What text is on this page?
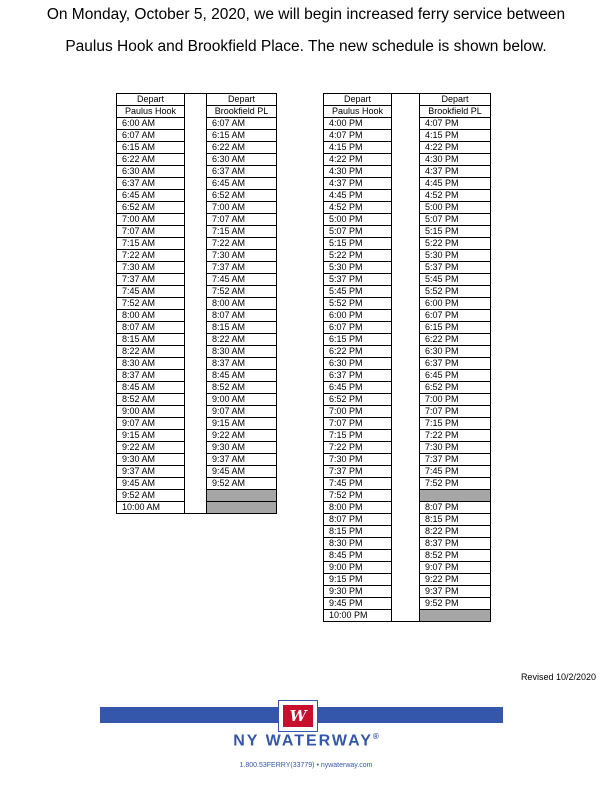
On Monday, October 5, 2020, we will begin increased ferry service between
Paulus Hook and Brookfield Place. The new schedule is shown below.
Depart		Depart
Paulus Hook		Brookfield PL
6:00 AM		6:07 AM
6:07 AM		6:15 AM
6:15 AM		6:22 AM
6:22 AM		6:30 AM
6:30 AM		6:37 AM
6:37 AM		6:45 AM
6:45 AM		6:52 AM
6:52 AM		7:00 AM
7:00 AM		7:07 AM
7:07 AM		7:15 AM
7:15 AM		7:22 AM
7:22 AM		7:30 AM
7:30 AM		7:37 AM
7:37 AM		7:45 AM
7:45 AM		7:52 AM
7:52 AM		8:00 AM
8:00 AM		8:07 AM
8:07 AM		8:15 AM
8:15 AM		8:22 AM
8:22 AM		8:30 AM
8:30 AM		8:37 AM
8:37 AM		8:45 AM
8:45 AM		8:52 AM
8:52 AM		9:00 AM
9:00 AM		9:07 AM
9:07 AM		9:15 AM
9:15 AM		9:22 AM
9:22 AM		9:30 AM
9:30 AM		9:37 AM
9:37 AM		9:45 AM
9:45 AM		9:52 AM
9:52 AM		
10:00 AM		
Depart		Depart
Paulus Hook		Brookfield PL
4:00 PM		4:07 PM
4:07 PM		4:15 PM
4:15 PM		4:22 PM
4:22 PM		4:30 PM
4:30 PM		4:37 PM
4:37 PM		4:45 PM
4:45 PM		4:52 PM
4:52 PM		5:00 PM
5:00 PM		5:07 PM
5:07 PM		5:15 PM
5:15 PM		5:22 PM
5:22 PM		5:30 PM
5:30 PM		5:37 PM
5:37 PM		5:45 PM
5:45 PM		5:52 PM
5:52 PM		6:00 PM
6:00 PM		6:07 PM
6:07 PM		6:15 PM
6:15 PM		6:22 PM
6:22 PM		6:30 PM
6:30 PM		6:37 PM
6:37 PM		6:45 PM
6:45 PM		6:52 PM
6:52 PM		7:00 PM
7:00 PM		7:07 PM
7:07 PM		7:15 PM
7:15 PM		7:22 PM
7:22 PM		7:30 PM
7:30 PM		7:37 PM
7:37 PM		7:45 PM
7:45 PM		7:52 PM
7:52 PM		
8:00 PM		8:07 PM
8:07 PM		8:15 PM
8:15 PM		8:22 PM
8:30 PM		8:37 PM
8:45 PM		8:52 PM
9:00 PM		9:07 PM
9:15 PM		9:22 PM
9:30 PM		9:37 PM
9:45 PM		9:52 PM
10:00 PM		
Revised 10/2/2020
W
NY WATERWAY®
1.800.53FERRY(33779) • nywaterway.com
